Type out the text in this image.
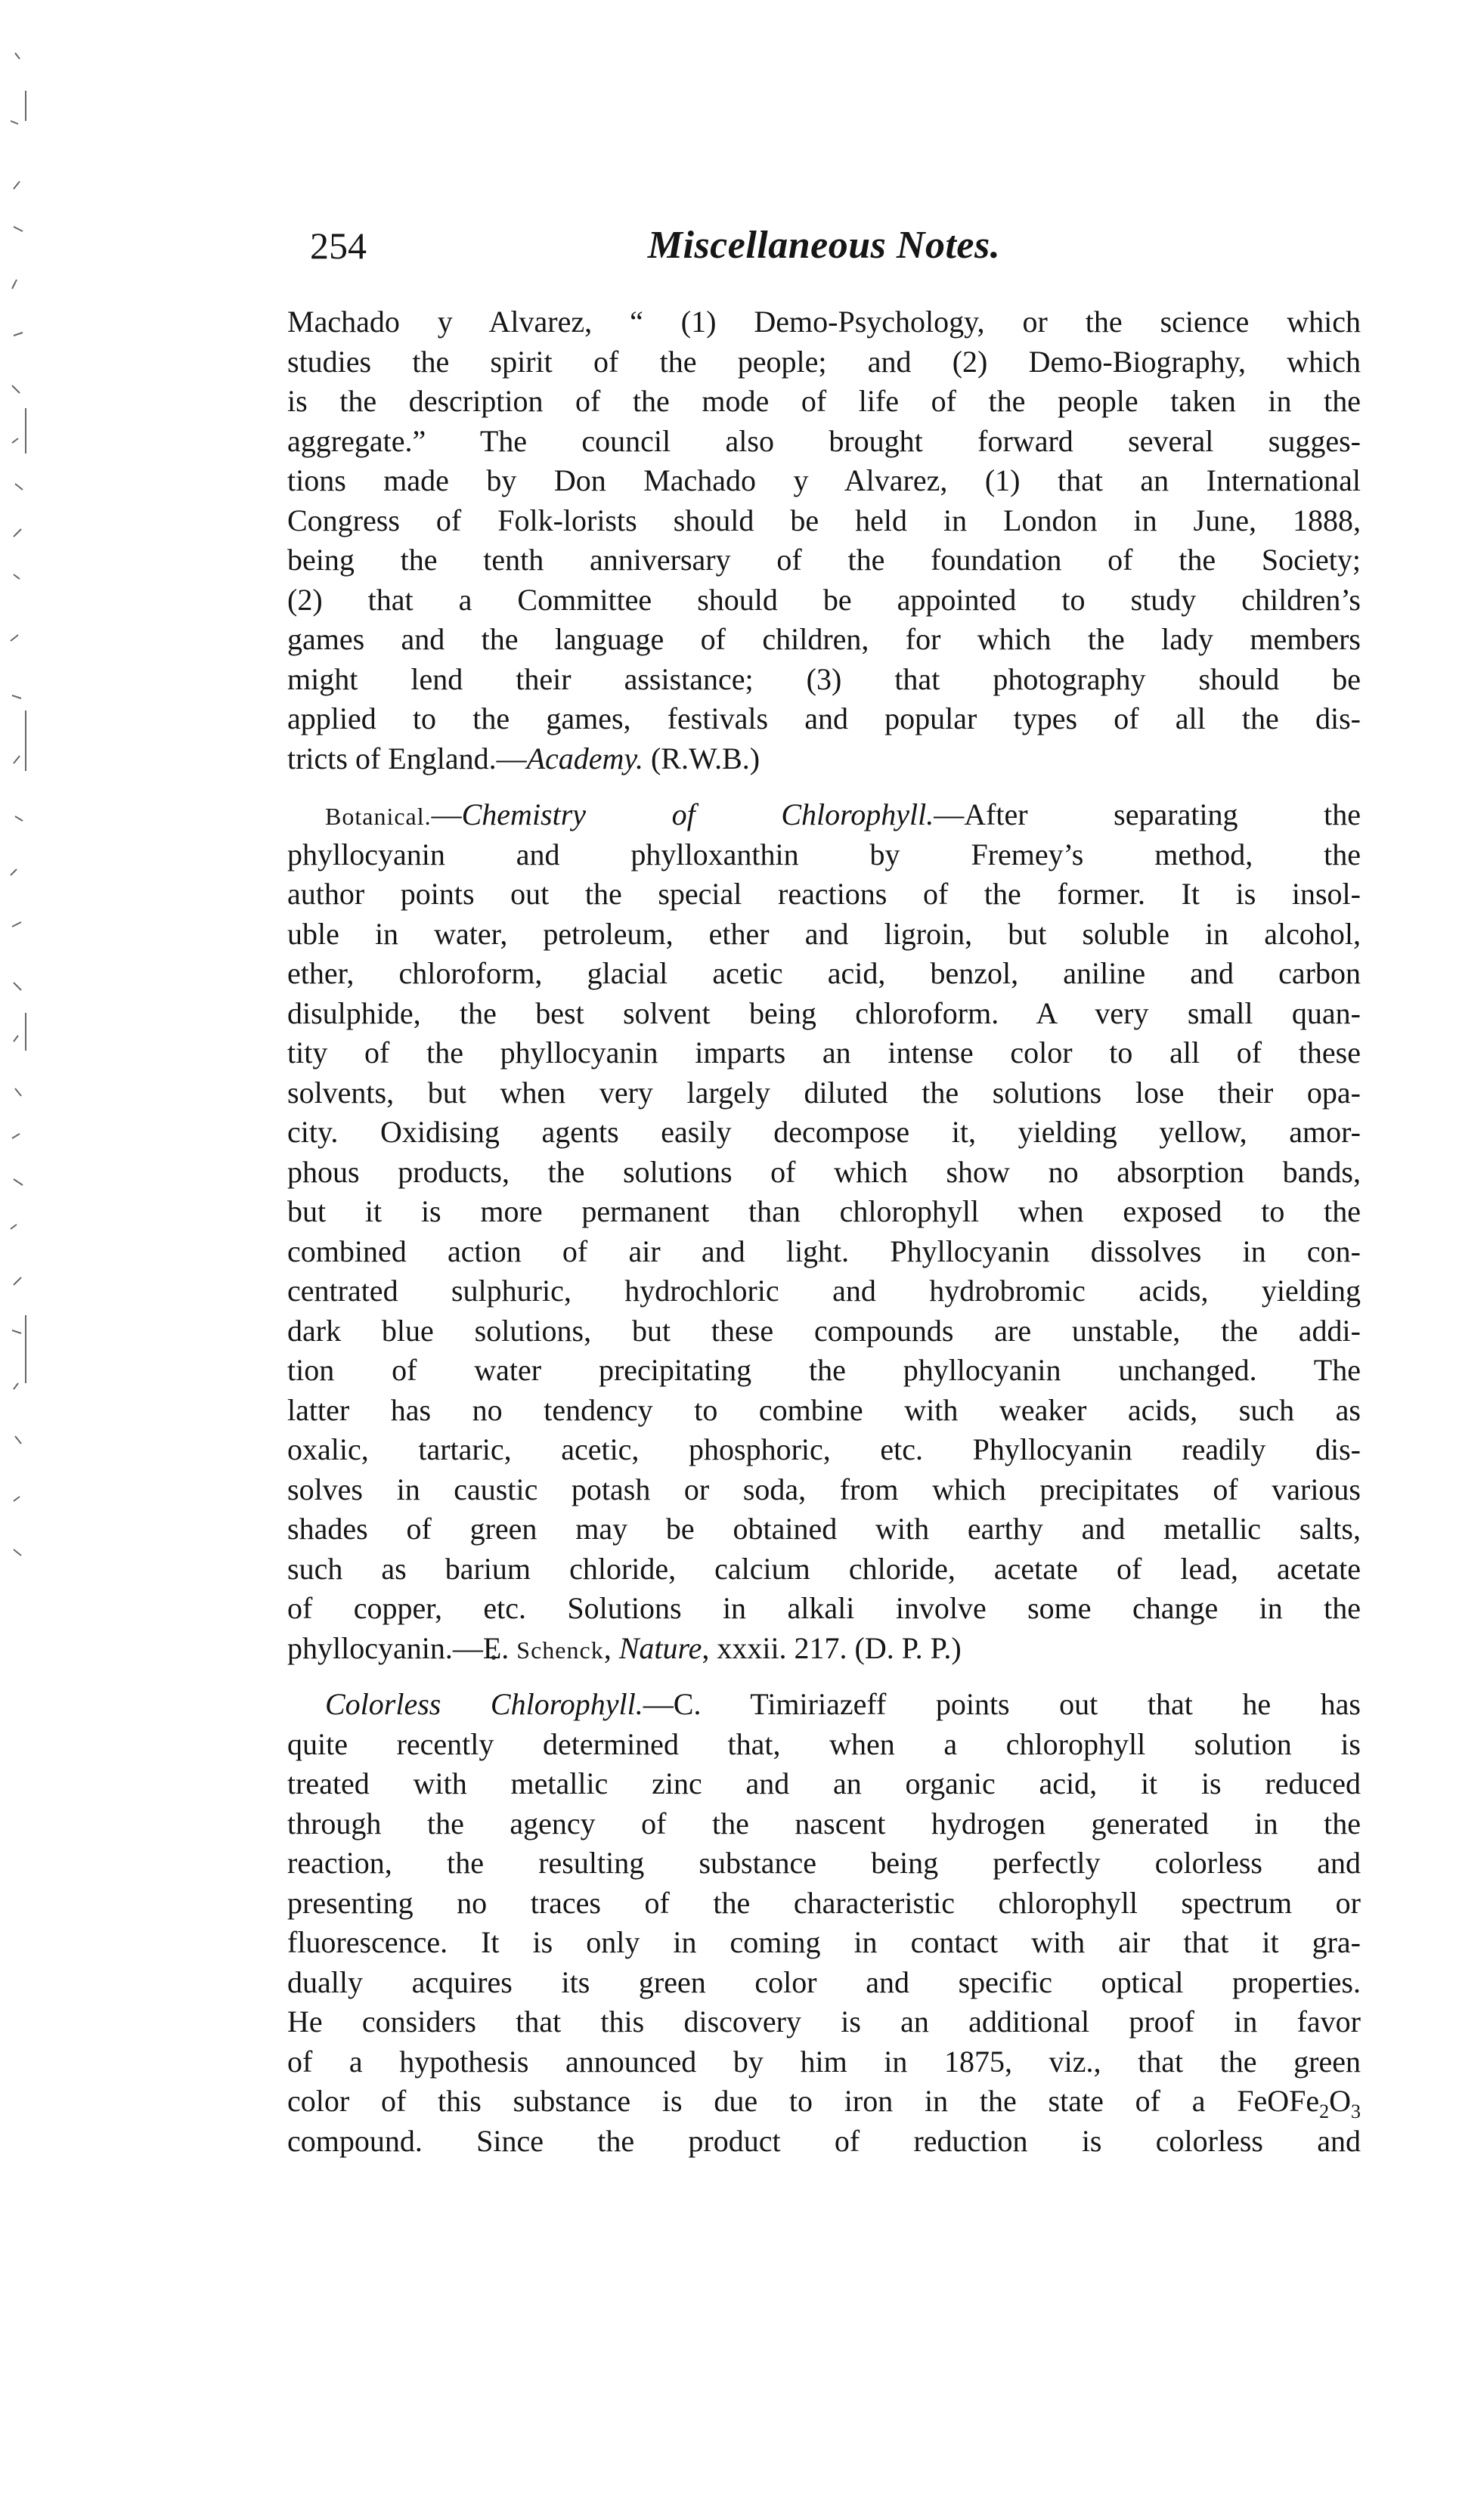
254	Miscellaneous Notes.
Machado y Alvarez, “ (1) Demo-Psychology, or the science which
studies the spirit of the people; and (2) Demo-Biography, which
is the description of the mode of life of the people taken in the
aggregate.” The council also brought forward several sugges-
tions made by Don Machado y Alvarez, (1) that an International
Congress of Folk-lorists should be held in London in June, 1888,
being the tenth anniversary of the foundation of the Society;
(2) that a Committee should be appointed to study children’s
games and the language of children, for which the lady members
might lend their assistance; (3) that photography should be
applied to the games, festivals and popular types of all the dis-
tricts of England.—Academy. (R.W.B.)
Botanical.—Chemistry of Chlorophyll.—After separating the
phyllocyanin and phylloxanthin by Fremey’s method, the
author points out the special reactions of the former. It is insol-
uble in water, petroleum, ether and ligroin, but soluble in alcohol,
ether, chloroform, glacial acetic acid, benzol, aniline and carbon
disulphide, the best solvent being chloroform. A very small quan-
tity of the phyllocyanin imparts an intense color to all of these
solvents, but when very largely diluted the solutions lose their opa-
city. Oxidising agents easily decompose it, yielding yellow, amor-
phous products, the solutions of which show no absorption bands,
but it is more permanent than chlorophyll when exposed to the
combined action of air and light. Phyllocyanin dissolves in con-
centrated sulphuric, hydrochloric and hydrobromic acids, yielding
dark blue solutions, but these compounds are unstable, the addi-
tion of water precipitating the phyllocyanin unchanged. The
latter has no tendency to combine with weaker acids, such as
oxalic, tartaric, acetic, phosphoric, etc. Phyllocyanin readily dis-
solves in caustic potash or soda, from which precipitates of various
shades of green may be obtained with earthy and metallic salts,
such as barium chloride, calcium chloride, acetate of lead, acetate
of copper, etc. Solutions in alkali involve some change in the
phyllocyanin.—E. Schenck, Nature, xxxii. 217. (D. P. P.)
Colorless Chlorophyll.—C. Timiriazeff points out that he has
quite recently determined that, when a chlorophyll solution is
treated with metallic zinc and an organic acid, it is reduced
through the agency of the nascent hydrogen generated in the
reaction, the resulting substance being perfectly colorless and
presenting no traces of the characteristic chlorophyll spectrum or
fluorescence. It is only in coming in contact with air that it gra-
dually acquires its green color and specific optical properties.
He considers that this discovery is an additional proof in favor
of a hypothesis announced by him in 1875, viz., that the green
color of this substance is due to iron in the state of a $FeOFe_2O_3$
compound. Since the product of reduction is colorless and
